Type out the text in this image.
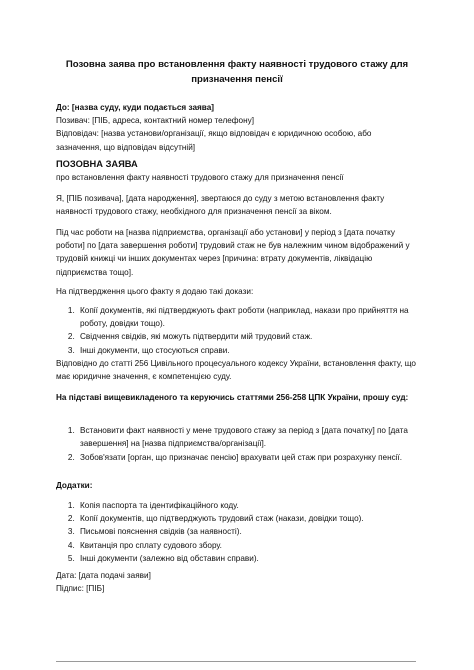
Позовна заява про встановлення факту наявності трудового стажу для призначення пенсії
До: [назва суду, куди подається заява]
Позивач: [ПІБ, адреса, контактний номер телефону]
Відповідач: [назва установи/організації, якщо відповідач є юридичною особою, або зазначення, що відповідач відсутній]
ПОЗОВНА ЗАЯВА
про встановлення факту наявності трудового стажу для призначення пенсії
Я, [ПІБ позивача], [дата народження], звертаюся до суду з метою встановлення факту наявності трудового стажу, необхідного для призначення пенсії за віком.
Під час роботи на [назва підприємства, організації або установи] у період з [дата початку роботи] по [дата завершення роботи] трудовий стаж не був належним чином відображений у трудовій книжці чи інших документах через [причина: втрату документів, ліквідацію підприємства тощо].
На підтвердження цього факту я додаю такі докази:
1. Копії документів, які підтверджують факт роботи (наприклад, накази про прийняття на роботу, довідки тощо).
2. Свідчення свідків, які можуть підтвердити мій трудовий стаж.
3. Інші документи, що стосуються справи.
Відповідно до статті 256 Цивільного процесуального кодексу України, встановлення факту, що має юридичне значення, є компетенцією суду.
На підставі вищевикладеного та керуючись статтями 256-258 ЦПК України, прошу суд:
1. Встановити факт наявності у мене трудового стажу за період з [дата початку] по [дата завершення] на [назва підприємства/організації].
2. Зобов'язати [орган, що призначає пенсію] врахувати цей стаж при розрахунку пенсії.
Додатки:
1. Копія паспорта та ідентифікаційного коду.
2. Копії документів, що підтверджують трудовий стаж (накази, довідки тощо).
3. Письмові пояснення свідків (за наявності).
4. Квитанція про сплату судового збору.
5. Інші документи (залежно від обставин справи).
Дата: [дата подачі заяви]
Підпис: [ПІБ]
